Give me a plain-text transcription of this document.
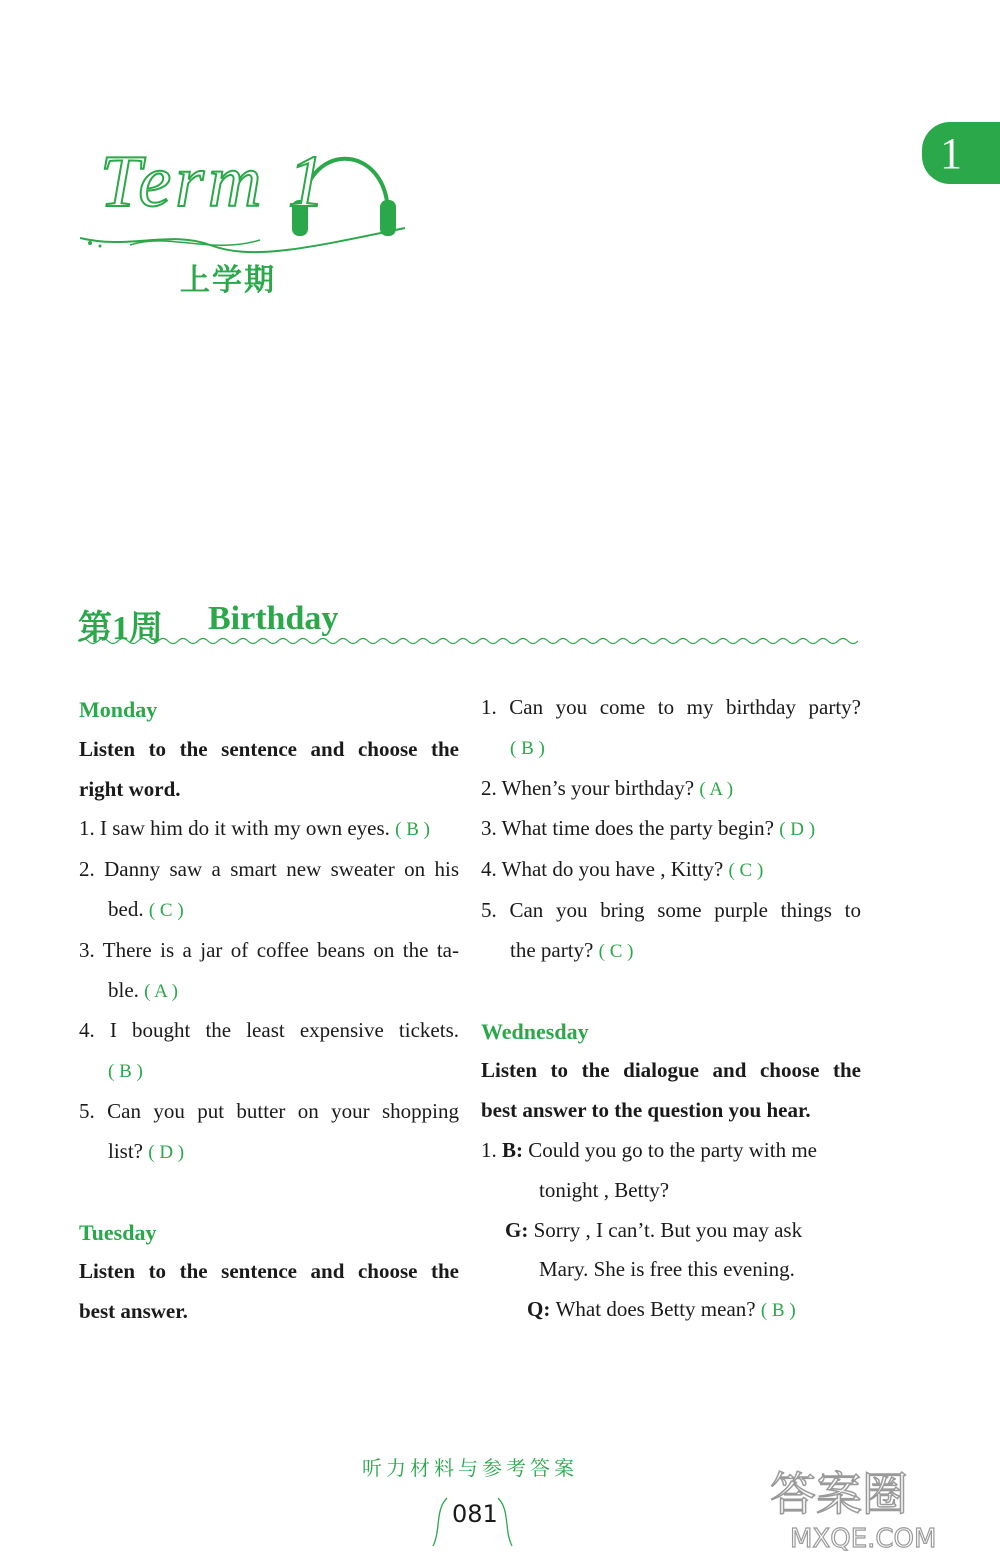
Term 1
上学期
1
第1周 Birthday
Monday
Listen to the sentence and choose the
right word.
1. I saw him do it with my own eyes. ( B )
2. Danny saw a smart new sweater on his
bed. ( C )
3. There is a jar of coffee beans on the ta-
ble. ( A )
4. I bought the least expensive tickets.
( B )
5. Can you put butter on your shopping
list? ( D )
Tuesday
Listen to the sentence and choose the
best answer.
1. Can you come to my birthday party?
( B )
2. When’s your birthday? ( A )
3. What time does the party begin? ( D )
4. What do you have , Kitty? ( C )
5. Can you bring some purple things to
the party? ( C )
Wednesday
Listen to the dialogue and choose the
best answer to the question you hear.
1. B: Could you go to the party with me
tonight , Betty?
G: Sorry , I can’t. But you may ask
Mary. She is free this evening.
Q: What does Betty mean? ( B )
听力材料与参考答案
081	答案圈
MXQE.COM
